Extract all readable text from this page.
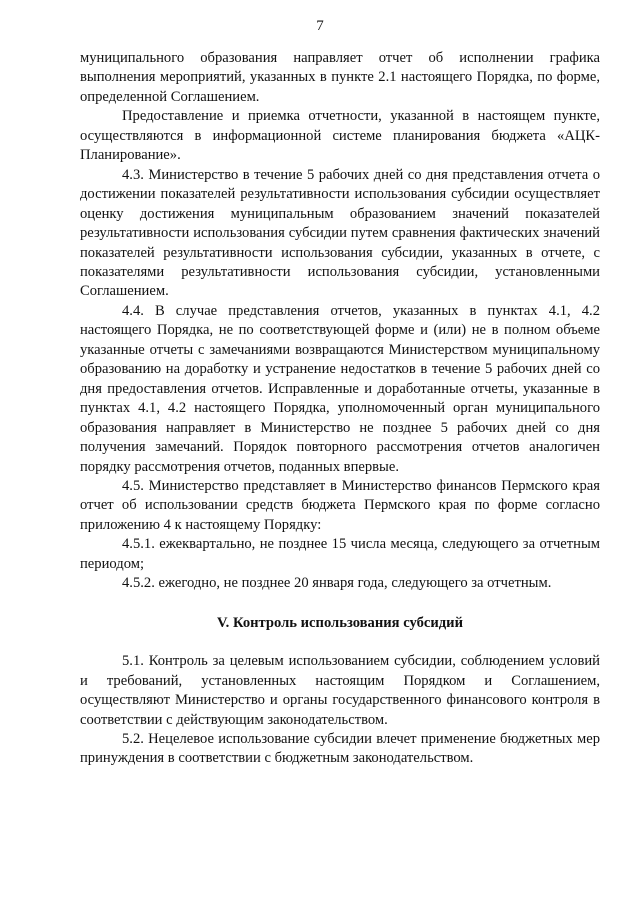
7

муниципального образования направляет отчет об исполнении графика выполнения мероприятий, указанных в пункте 2.1 настоящего Порядка, по форме, определенной Соглашением.

Предоставление и приемка отчетности, указанной в настоящем пункте, осуществляются в информационной системе планирования бюджета «АЦК-Планирование».

4.3. Министерство в течение 5 рабочих дней со дня представления отчета о достижении показателей результативности использования субсидии осуществляет оценку достижения муниципальным образованием значений показателей результативности использования субсидии путем сравнения фактических значений показателей результативности использования субсидии, указанных в отчете, с показателями результативности использования субсидии, установленными Соглашением.

4.4. В случае представления отчетов, указанных в пунктах 4.1, 4.2 настоящего Порядка, не по соответствующей форме и (или) не в полном объеме указанные отчеты с замечаниями возвращаются Министерством муниципальному образованию на доработку и устранение недостатков в течение 5 рабочих дней со дня предоставления отчетов. Исправленные и доработанные отчеты, указанные в пунктах 4.1, 4.2 настоящего Порядка, уполномоченный орган муниципального образования направляет в Министерство не позднее 5 рабочих дней со дня получения замечаний. Порядок повторного рассмотрения отчетов аналогичен порядку рассмотрения отчетов, поданных впервые.

4.5. Министерство представляет в Министерство финансов Пермского края отчет об использовании средств бюджета Пермского края по форме согласно приложению 4 к настоящему Порядку:

4.5.1. ежеквартально, не позднее 15 числа месяца, следующего за отчетным периодом;

4.5.2. ежегодно, не позднее 20 января года, следующего за отчетным.

V. Контроль использования субсидий

5.1. Контроль за целевым использованием субсидии, соблюдением условий и требований, установленных настоящим Порядком и Соглашением, осуществляют Министерство и органы государственного финансового контроля в соответствии с действующим законодательством.

5.2. Нецелевое использование субсидии влечет применение бюджетных мер принуждения в соответствии с бюджетным законодательством.
